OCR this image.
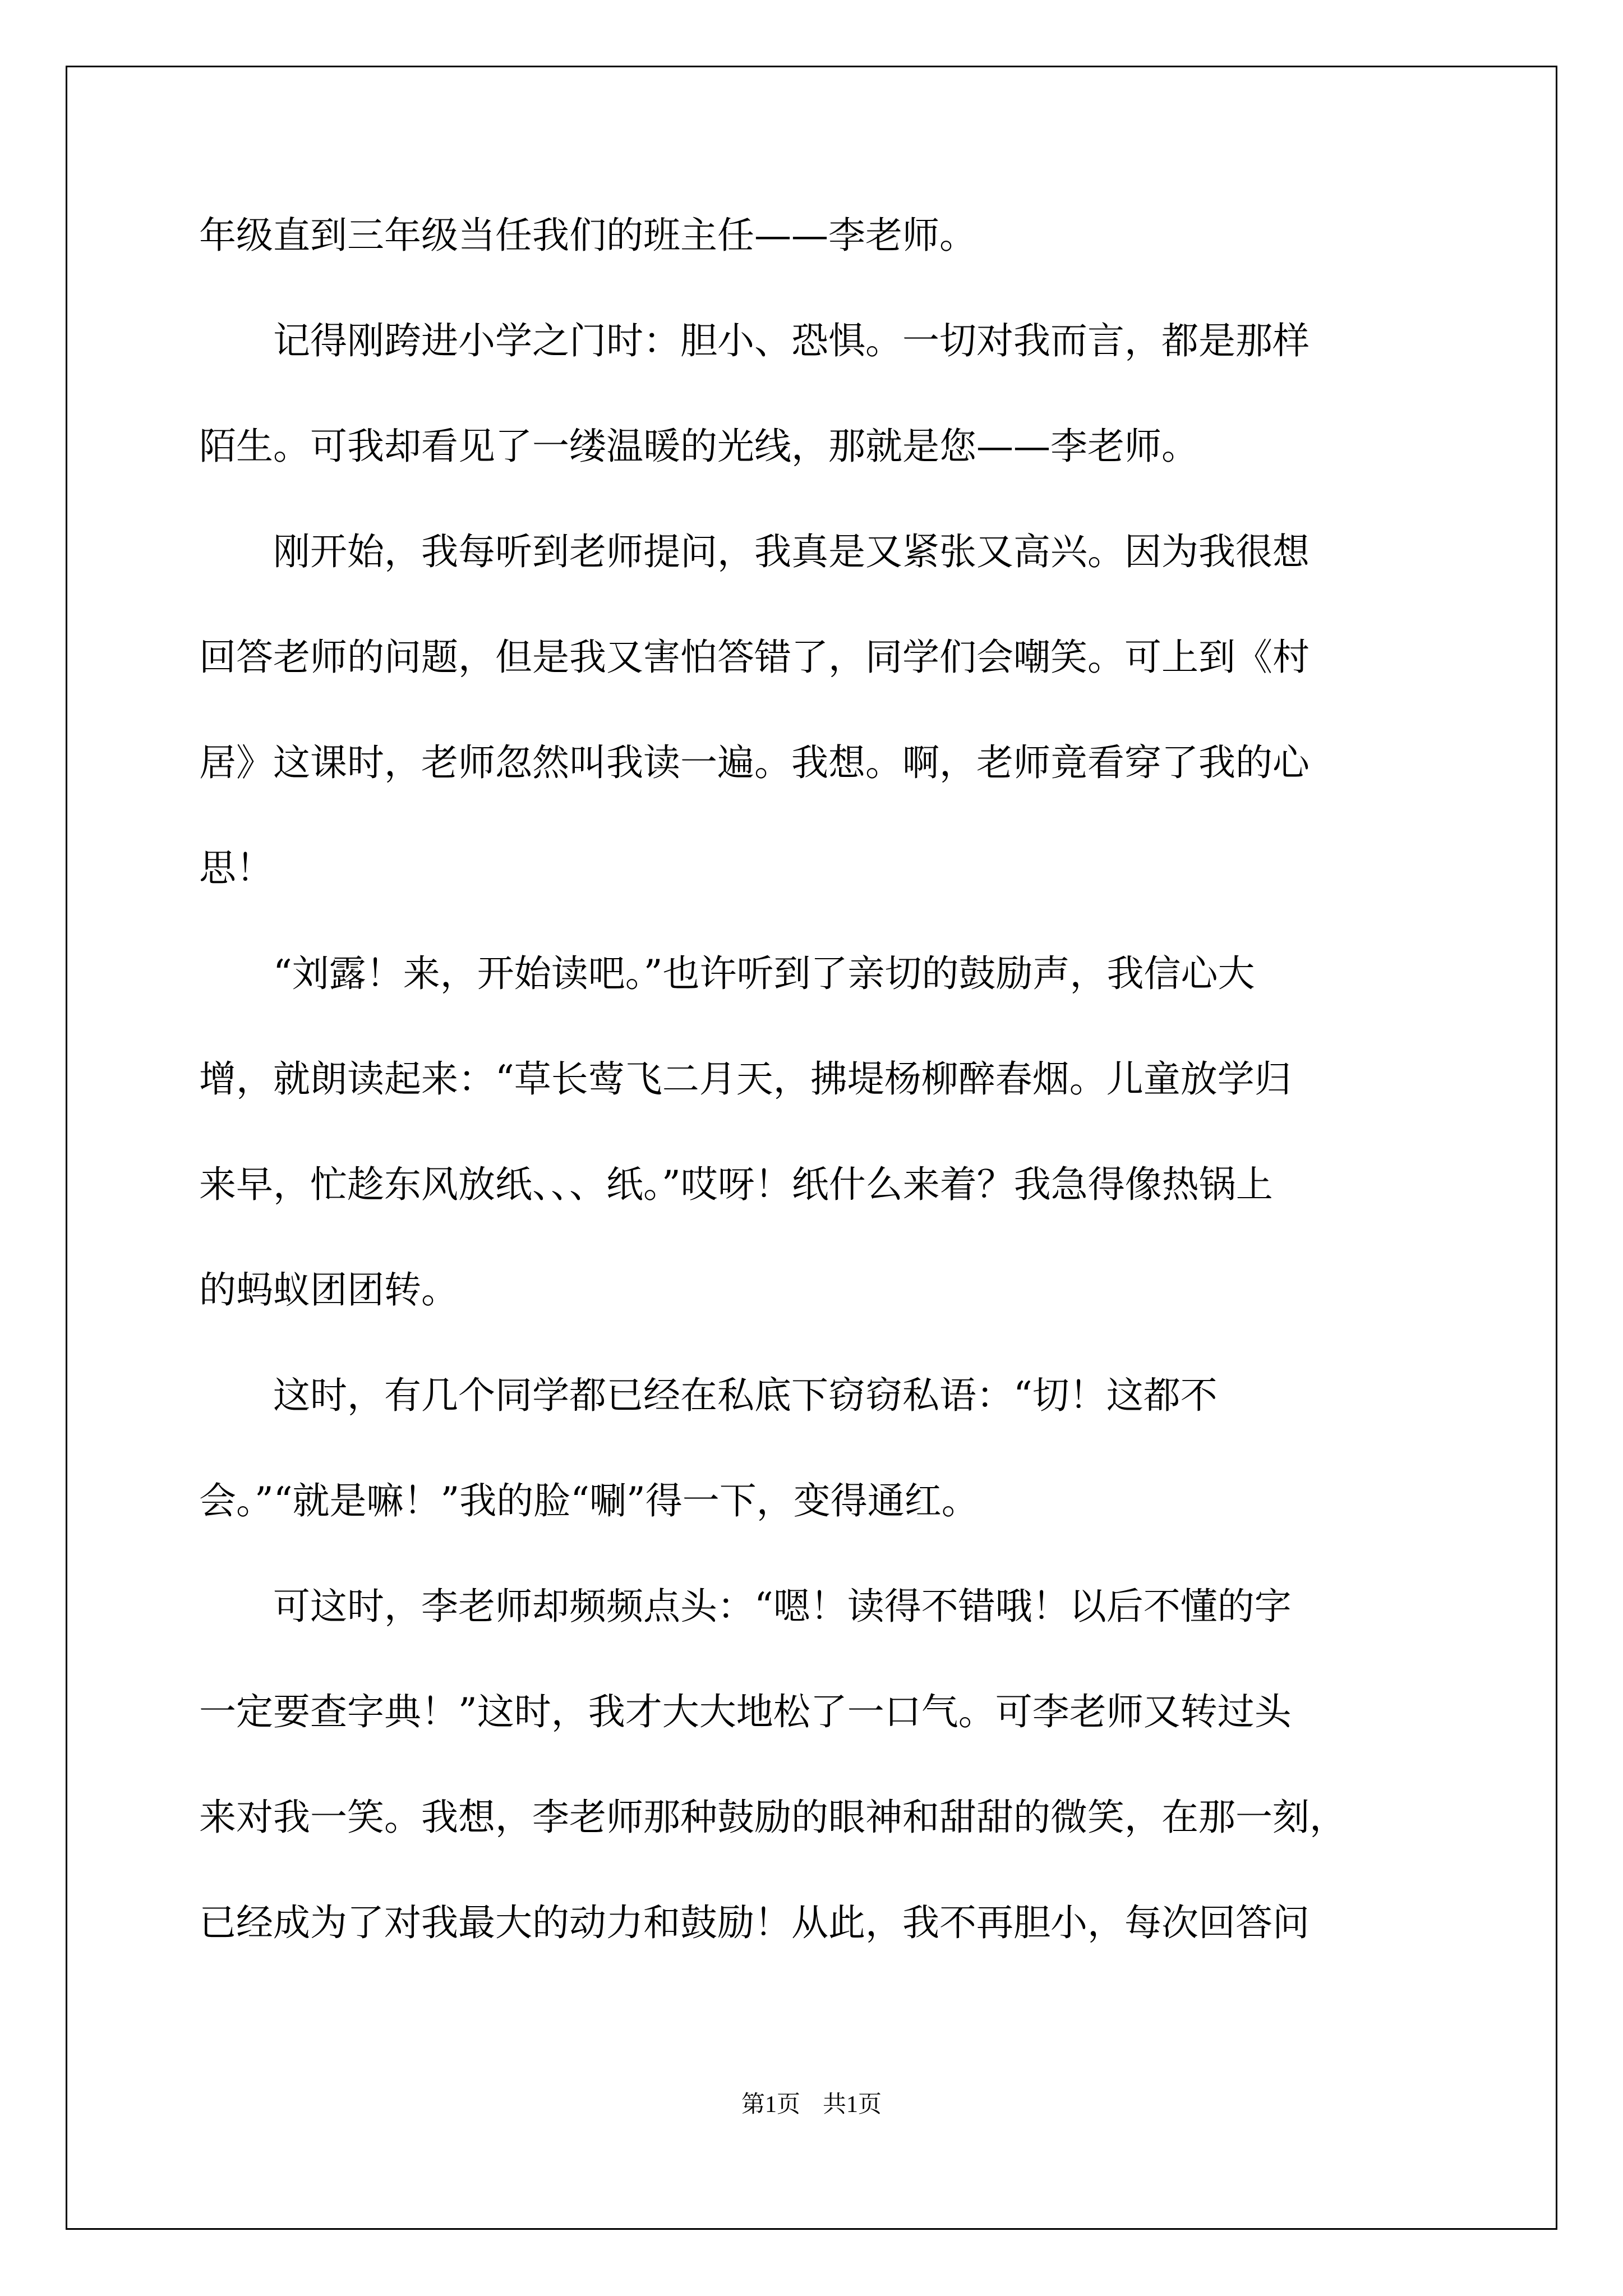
年级直到三年级当任我们的班主任——李老师。
　　记得刚跨进小学之门时：胆小、恐惧。一切对我而言，都是那样
陌生。可我却看见了一缕温暖的光线，那就是您——李老师。
　　刚开始，我每听到老师提问，我真是又紧张又高兴。因为我很想
回答老师的问题，但是我又害怕答错了，同学们会嘲笑。可上到《村
居》这课时，老师忽然叫我读一遍。我想。啊，老师竟看穿了我的心
思！
　　“刘露！来，开始读吧。”也许听到了亲切的鼓励声，我信心大
增，就朗读起来：“草长莺飞二月天，拂堤杨柳醉春烟。儿童放学归
来早，忙趁东风放纸、、、纸。”哎呀！纸什么来着？我急得像热锅上
的蚂蚁团团转。
　　这时，有几个同学都已经在私底下窃窃私语：“切！这都不
会。”“就是嘛！”我的脸“唰”得一下，变得通红。
　　可这时，李老师却频频点头：“嗯！读得不错哦！以后不懂的字
一定要查字典！”这时，我才大大地松了一口气。可李老师又转过头
来对我一笑。我想，李老师那种鼓励的眼神和甜甜的微笑，在那一刻，
已经成为了对我最大的动力和鼓励！从此，我不再胆小，每次回答问
第1页 共1页
